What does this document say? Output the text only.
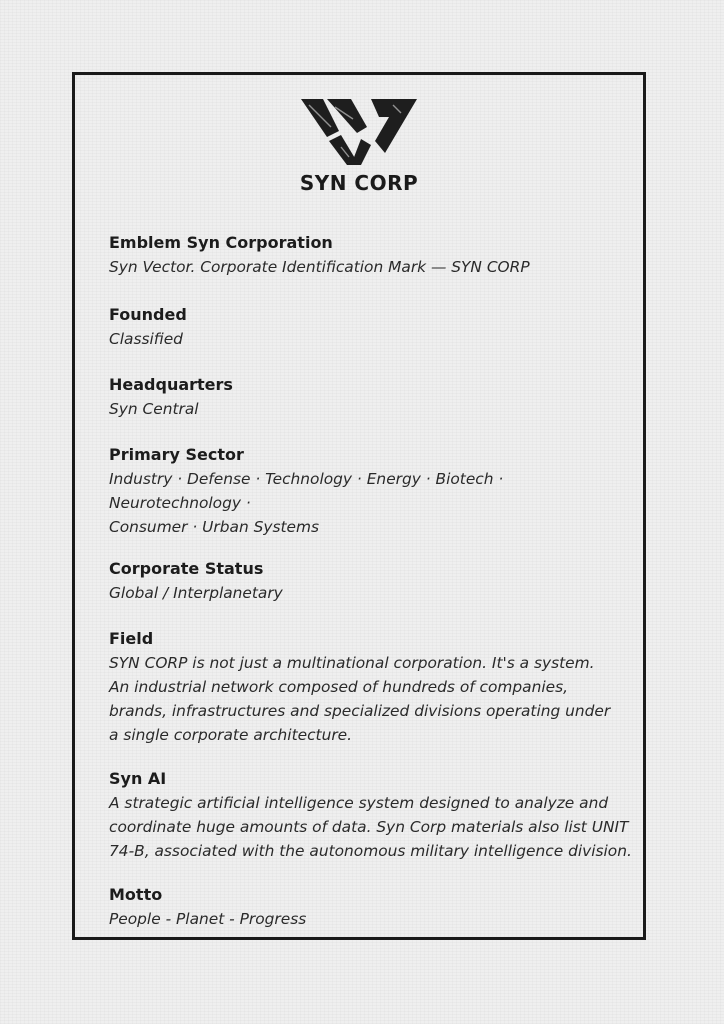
SYN CORP
Emblem Syn Corporation
Syn Vector. Corporate Identification Mark — SYN CORP
Founded
Classified
Headquarters
Syn Central
Primary Sector
Industry · Defense · Technology · Energy · Biotech · Neurotechnology ·
Consumer · Urban Systems
Corporate Status
Global / Interplanetary
Field
SYN CORP is not just a multinational corporation. It's a system.
An industrial network composed of hundreds of companies,
brands, infrastructures and specialized divisions operating under
a single corporate architecture.
Syn AI
A strategic artificial intelligence system designed to analyze and
coordinate huge amounts of data. Syn Corp materials also list UNIT
74-B, associated with the autonomous military intelligence division.
Motto
People - Planet - Progress
